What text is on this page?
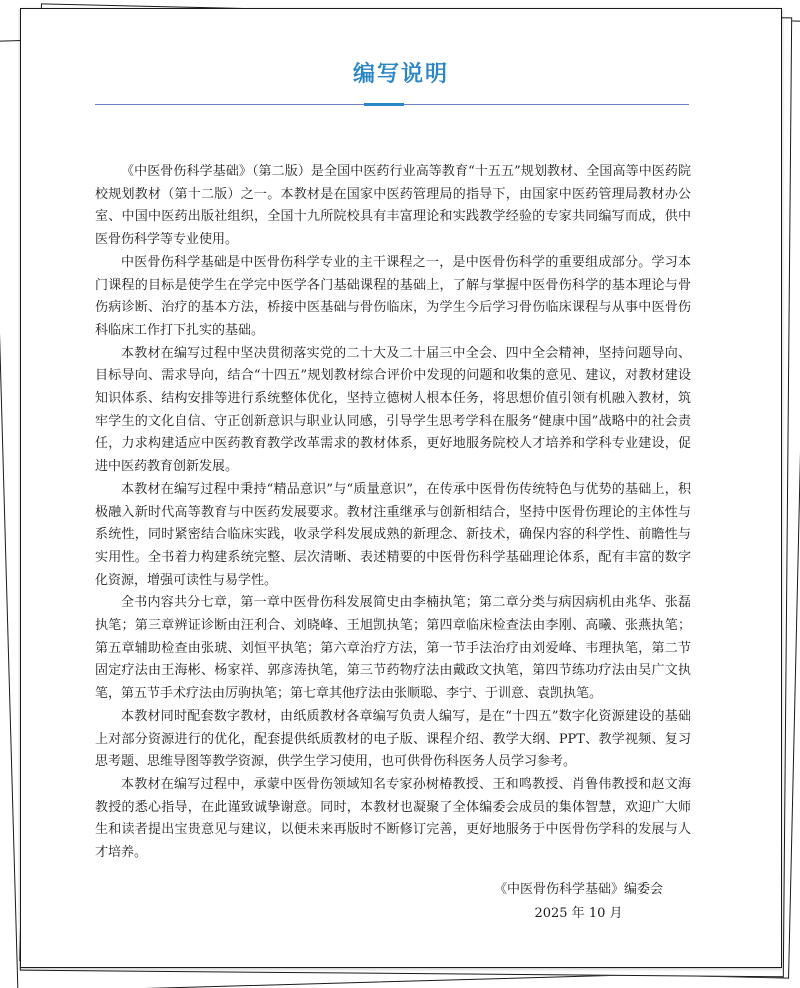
编写说明

《中医骨伤科学基础》（第二版）是全国中医药行业高等教育“十五五”规划教材、全国高等中医药院校规划教材（第十二版）之一。本教材是在国家中医药管理局的指导下，由国家中医药管理局教材办公室、中国中医药出版社组织，全国十九所院校具有丰富理论和实践教学经验的专家共同编写而成，供中医骨伤科学等专业使用。

中医骨伤科学基础是中医骨伤科学专业的主干课程之一，是中医骨伤科学的重要组成部分。学习本门课程的目标是使学生在学完中医学各门基础课程的基础上，了解与掌握中医骨伤科学的基本理论与骨伤病诊断、治疗的基本方法，桥接中医基础与骨伤临床，为学生今后学习骨伤临床课程与从事中医骨伤科临床工作打下扎实的基础。

本教材在编写过程中坚决贯彻落实党的二十大及二十届三中全会、四中全会精神，坚持问题导向、目标导向、需求导向，结合“十四五”规划教材综合评价中发现的问题和收集的意见、建议，对教材建设知识体系、结构安排等进行系统整体优化，坚持立德树人根本任务，将思想价值引领有机融入教材，筑牢学生的文化自信、守正创新意识与职业认同感，引导学生思考学科在服务“健康中国”战略中的社会责任，力求构建适应中医药教育教学改革需求的教材体系，更好地服务院校人才培养和学科专业建设，促进中医药教育创新发展。

本教材在编写过程中秉持“精品意识”与“质量意识”，在传承中医骨伤传统特色与优势的基础上，积极融入新时代高等教育与中医药发展要求。教材注重继承与创新相结合，坚持中医骨伤理论的主体性与系统性，同时紧密结合临床实践，收录学科发展成熟的新理念、新技术，确保内容的科学性、前瞻性与实用性。全书着力构建系统完整、层次清晰、表述精要的中医骨伤科学基础理论体系，配有丰富的数字化资源，增强可读性与易学性。

全书内容共分七章，第一章中医骨伤科发展简史由李楠执笔；第二章分类与病因病机由兆华、张磊执笔；第三章辨证诊断由汪利合、刘晓峰、王旭凯执笔；第四章临床检查法由李刚、高曦、张燕执笔；第五章辅助检查由张琥、刘恒平执笔；第六章治疗方法，第一节手法治疗由刘爱峰、韦理执笔，第二节固定疗法由王海彬、杨家祥、郭彦涛执笔，第三节药物疗法由戴政文执笔，第四节练功疗法由吴广文执笔，第五节手术疗法由厉驹执笔；第七章其他疗法由张顺聪、李宁、于训意、袁凯执笔。

本教材同时配套数字教材，由纸质教材各章编写负责人编写，是在“十四五”数字化资源建设的基础上对部分资源进行的优化，配套提供纸质教材的电子版、课程介绍、教学大纲、PPT、教学视频、复习思考题、思维导图等教学资源，供学生学习使用，也可供骨伤科医务人员学习参考。

本教材在编写过程中，承蒙中医骨伤领域知名专家孙树椿教授、王和鸣教授、肖鲁伟教授和赵文海教授的悉心指导，在此谨致诚挚谢意。同时，本教材也凝聚了全体编委会成员的集体智慧，欢迎广大师生和读者提出宝贵意见与建议，以便未来再版时不断修订完善，更好地服务于中医骨伤学科的发展与人才培养。

《中医骨伤科学基础》编委会
2025 年 10 月
